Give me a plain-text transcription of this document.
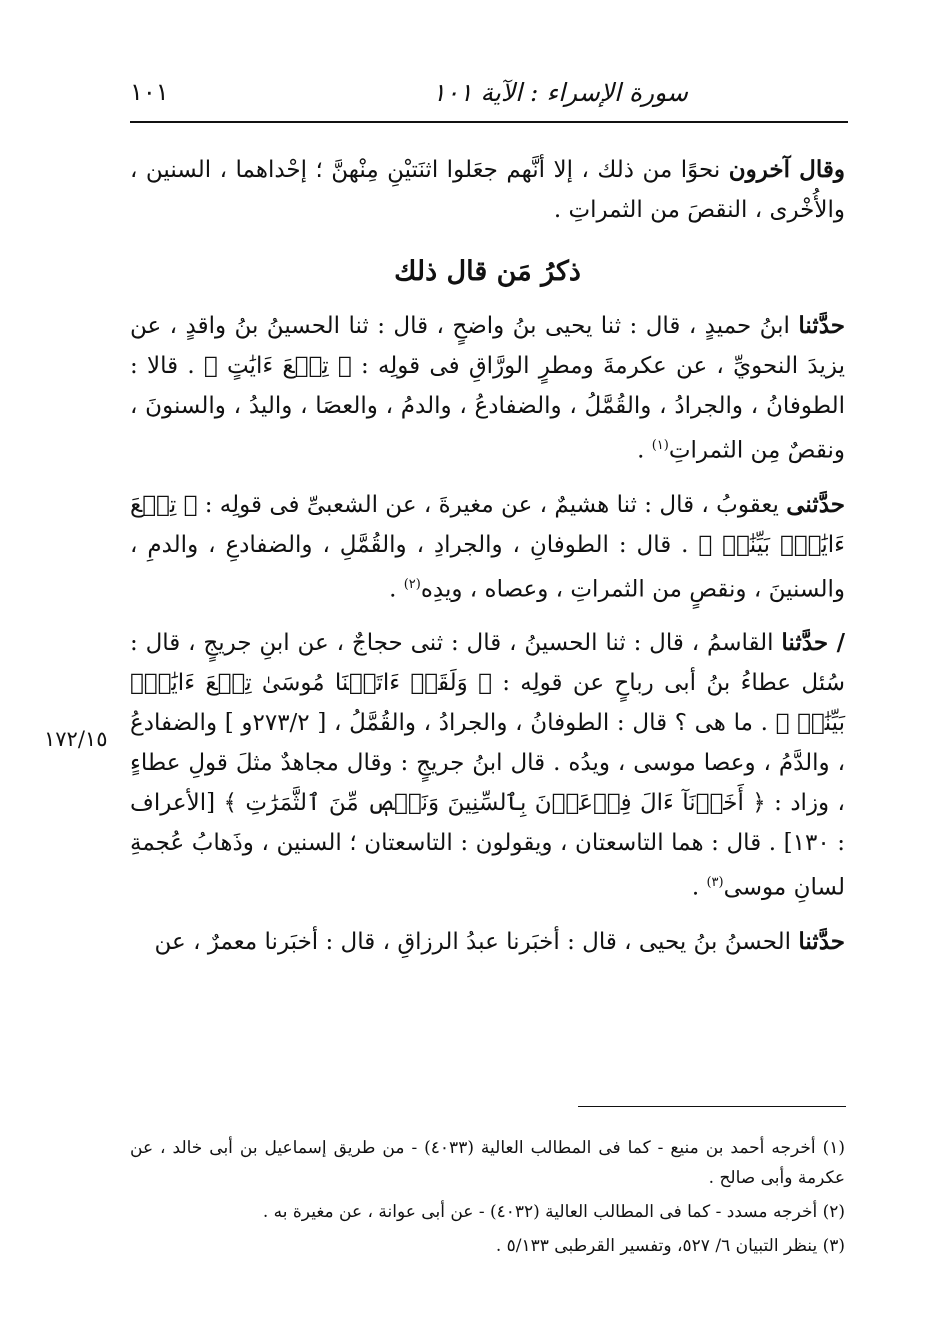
سورة الإسراء : الآية ١٠١
١٠١

وقال آخرون نحوًا من ذلك ، إلا أنَّهم جعَلوا اثنَتيْنِ مِنْهنَّ ؛ إحْداهما ، السنين ، والأُخْرى ، النقصَ من الثمراتِ .

ذكرُ مَن قال ذلك

حدَّثنا ابنُ حميدٍ ، قال : ثنا يحيى بنُ واضحٍ ، قال : ثنا الحسينُ بنُ واقدٍ ، عن يزيدَ النحويِّ ، عن عكرمةَ ومطرٍ الورَّاقِ فى قولِه : ﴿ تِسۡعَ ءَايَٰتٍ ﴾ . قالا : الطوفانُ ، والجرادُ ، والقُمَّلُ ، والضفادعُ ، والدمُ ، والعصَا ، واليدُ ، والسنونَ ، ونقصٌ مِن الثمراتِ$^{(١)}$ .

حدَّثنى يعقوبُ ، قال : ثنا هشيمٌ ، عن مغيرةَ ، عن الشعبىِّ فى قولِه : ﴿ تِسۡعَ ءَايَٰتِۭ بَيِّنَٰتٖ ﴾ . قال : الطوفانِ ، والجرادِ ، والقُمَّلِ ، والضفادعِ ، والدمِ ، والسنينَ ، ونقصٍ من الثمراتِ ، وعصاه ، ويدِه$^{(٢)}$ .

/ حدَّثنا القاسمُ ، قال : ثنا الحسينُ ، قال : ثنى حجاجٌ ، عن ابنِ جريجٍ ، قال : سُئل عطاءُ بنُ أبى رباحٍ عن قولِه : ﴿ وَلَقَدۡ ءَاتَيۡنَا مُوسَىٰ تِسۡعَ ءَايَٰتِۭ بَيِّنَٰتٖ ﴾ . ما هى ؟ قال : الطوفانُ ، والجرادُ ، والقُمَّلُ ، [ ٢٧٣/٢و ] والضفادعُ ، والدَّمُ ، وعصا موسى ، ويدُه . قال ابنُ جريجٍ : وقال مجاهدٌ مثلَ قولِ عطاءٍ ، وزاد : ﴿ أَخَذۡنَآ ءَالَ فِرۡعَوۡنَ بِٱلسِّنِينَ وَنَقۡصٖ مِّنَ ٱلثَّمَرَٰتِ ﴾ [الأعراف : ١٣٠] . قال : هما التاسعتان ، ويقولون : التاسعتان ؛ السنين ، وذَهابُ عُجمةِ لسانِ موسى$^{(٣)}$ .

حدَّثنا الحسنُ بنُ يحيى ، قال : أخبَرنا عبدُ الرزاقِ ، قال : أخبَرنا معمرٌ ، عن

١٧٢/١٥

(١) أخرجه أحمد بن منيع - كما فى المطالب العالية (٤٠٣٣) - من طريق إسماعيل بن أبى خالد ، عن عكرمة وأبى صالح .

(٢) أخرجه مسدد - كما فى المطالب العالية (٤٠٣٢) - عن أبى عوانة ، عن مغيرة به .

(٣) ينظر التبيان ٦/ ٥٢٧، وتفسير القرطبى ٥/١٣٣ .
